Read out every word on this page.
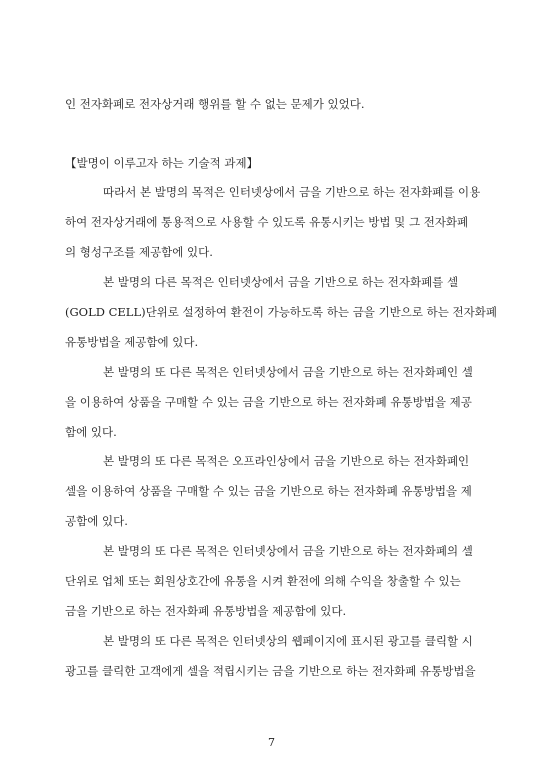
인 전자화폐로 전자상거래 행위를 할 수 없는 문제가 있었다.
【발명이 이루고자 하는 기술적 과제】
따라서 본 발명의 목적은 인터넷상에서 금을 기반으로 하는 전자화폐를 이용
하여 전자상거래에 통용적으로 사용할 수 있도록 유통시키는 방법 및 그 전자화폐
의 형성구조를 제공함에 있다.
본 발명의 다른 목적은 인터넷상에서 금을 기반으로 하는 전자화폐를 셀
(GOLD CELL)단위로 설정하여 환전이 가능하도록 하는 금을 기반으로 하는 전자화폐
유통방법을 제공함에 있다.
본 발명의 또 다른 목적은 인터넷상에서 금을 기반으로 하는 전자화폐인 셀
을 이용하여 상품을 구매할 수 있는 금을 기반으로 하는 전자화폐 유통방법을 제공
함에 있다.
본 발명의 또 다른 목적은 오프라인상에서 금을 기반으로 하는 전자화폐인
셀을 이용하여 상품을 구매할 수 있는 금을 기반으로 하는 전자화폐 유통방법을 제
공함에 있다.
본 발명의 또 다른 목적은 인터넷상에서 금을 기반으로 하는 전자화폐의 셀
단위로 업체 또는 회원상호간에 유통을 시켜 환전에 의해 수익을 창출할 수 있는
금을 기반으로 하는 전자화폐 유통방법을 제공함에 있다.
본 발명의 또 다른 목적은 인터넷상의 웹페이지에 표시된 광고를 클릭할 시
광고를 클릭한 고객에게 셀을 적립시키는 금을 기반으로 하는 전자화폐 유통방법을
7
